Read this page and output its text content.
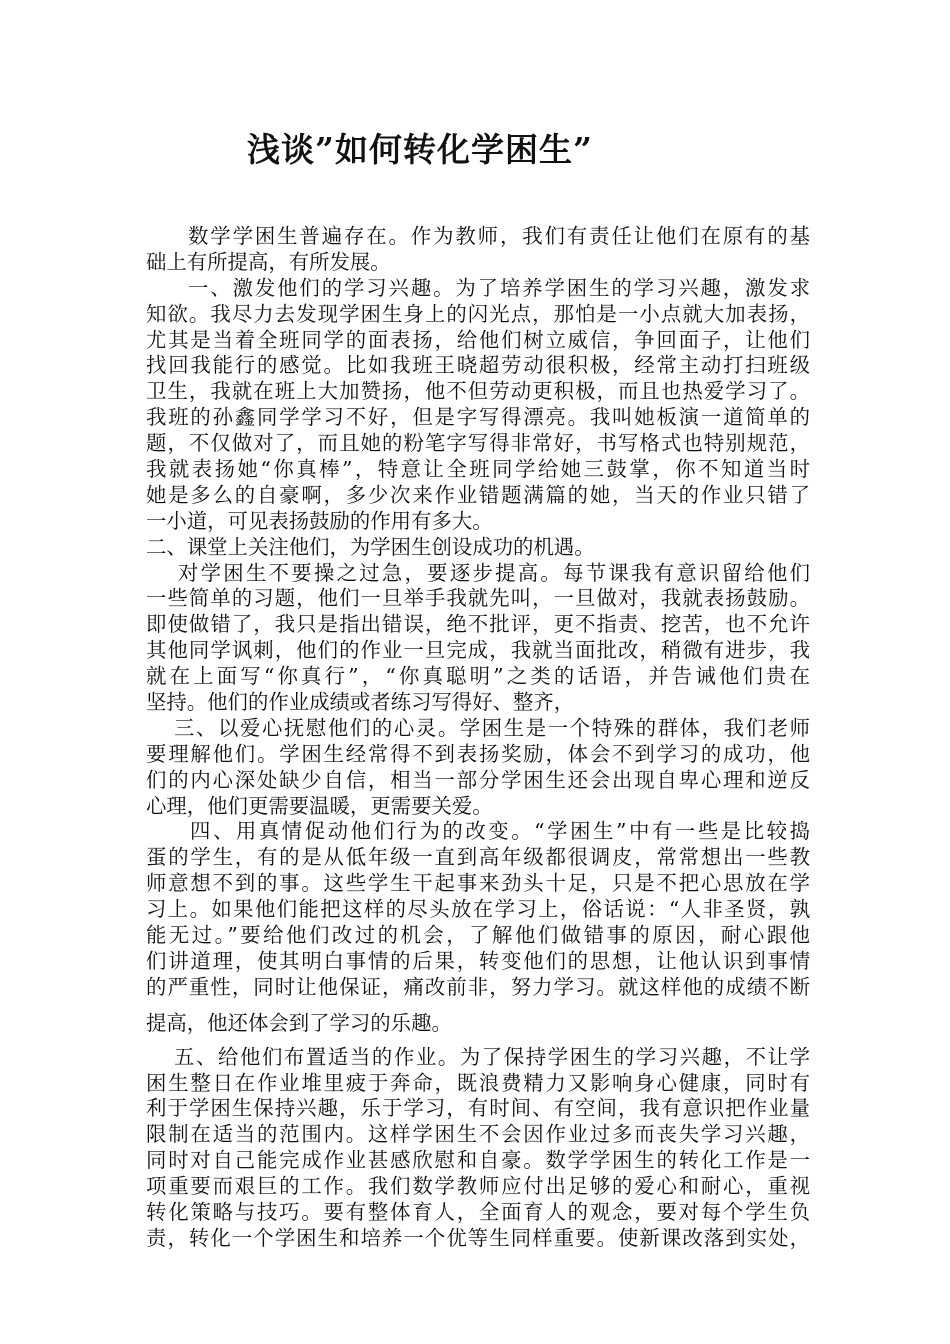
浅谈”如何转化学困生”
数学学困生普遍存在。作为教师，我们有责任让他们在原有的基
础上有所提高，有所发展。
一、激发他们的学习兴趣。为了培养学困生的学习兴趣，激发求
知欲。我尽力去发现学困生身上的闪光点，那怕是一小点就大加表扬，
尤其是当着全班同学的面表扬，给他们树立威信，争回面子，让他们
找回我能行的感觉。比如我班王晓超劳动很积极，经常主动打扫班级
卫生，我就在班上大加赞扬，他不但劳动更积极，而且也热爱学习了。
我班的孙鑫同学学习不好，但是字写得漂亮。我叫她板演一道简单的
题，不仅做对了，而且她的粉笔字写得非常好，书写格式也特别规范，
我就表扬她“你真棒”，特意让全班同学给她三鼓掌，你不知道当时
她是多么的自豪啊，多少次来作业错题满篇的她，当天的作业只错了
一小道，可见表扬鼓励的作用有多大。
二、课堂上关注他们，为学困生创设成功的机遇。
对学困生不要操之过急，要逐步提高。每节课我有意识留给他们
一些简单的习题，他们一旦举手我就先叫，一旦做对，我就表扬鼓励。
即使做错了，我只是指出错误，绝不批评，更不指责、挖苦，也不允许
其他同学讽刺，他们的作业一旦完成，我就当面批改，稍微有进步，我
就在上面写“你真行”，“你真聪明”之类的话语，并告诫他们贵在
坚持。他们的作业成绩或者练习写得好、整齐，
三、以爱心抚慰他们的心灵。学困生是一个特殊的群体，我们老师
要理解他们。学困生经常得不到表扬奖励，体会不到学习的成功，他
们的内心深处缺少自信，相当一部分学困生还会出现自卑心理和逆反
心理，他们更需要温暖，更需要关爱。
四、用真情促动他们行为的改变。“学困生”中有一些是比较捣
蛋的学生，有的是从低年级一直到高年级都很调皮，常常想出一些教
师意想不到的事。这些学生干起事来劲头十足，只是不把心思放在学
习上。如果他们能把这样的尽头放在学习上，俗话说：“人非圣贤，孰
能无过。”要给他们改过的机会，了解他们做错事的原因，耐心跟他
们讲道理，使其明白事情的后果，转变他们的思想，让他认识到事情
的严重性，同时让他保证，痛改前非，努力学习。就这样他的成绩不断
提高，他还体会到了学习的乐趣。
五、给他们布置适当的作业。为了保持学困生的学习兴趣，不让学
困生整日在作业堆里疲于奔命，既浪费精力又影响身心健康，同时有
利于学困生保持兴趣，乐于学习，有时间、有空间，我有意识把作业量
限制在适当的范围内。这样学困生不会因作业过多而丧失学习兴趣，
同时对自己能完成作业甚感欣慰和自豪。数学学困生的转化工作是一
项重要而艰巨的工作。我们数学教师应付出足够的爱心和耐心，重视
转化策略与技巧。要有整体育人，全面育人的观念，要对每个学生负
责，转化一个学困生和培养一个优等生同样重要。使新课改落到实处，
